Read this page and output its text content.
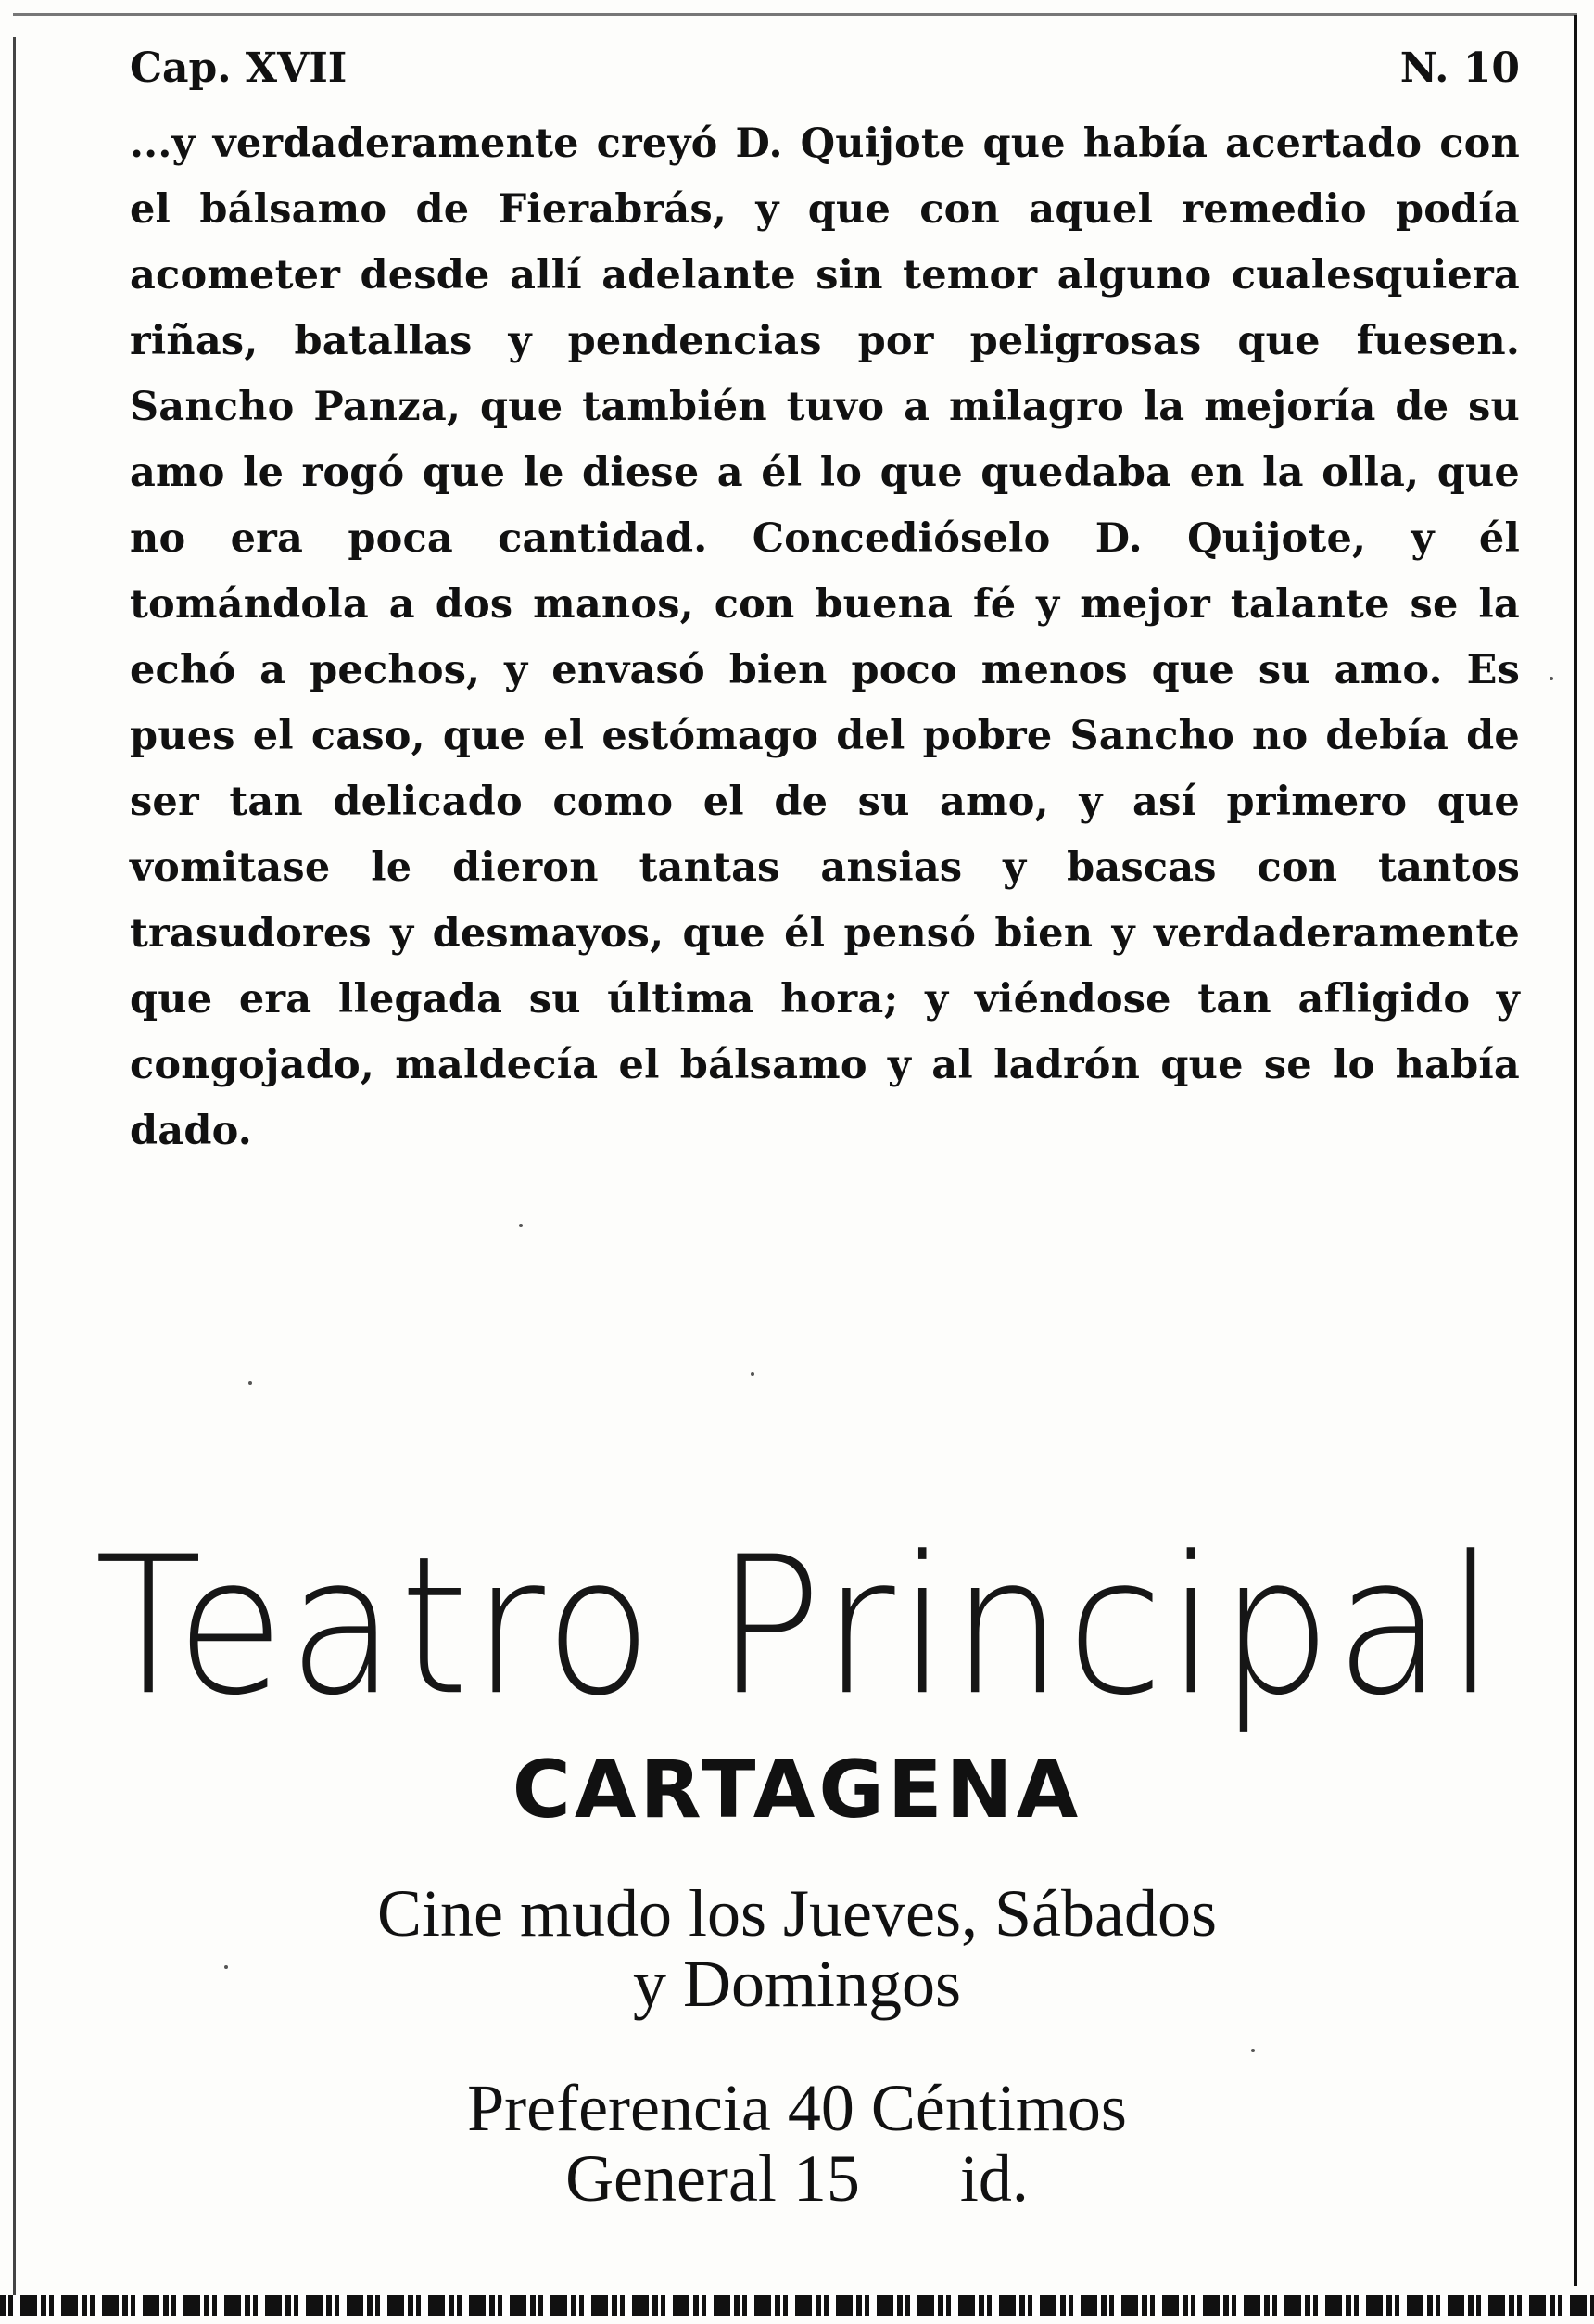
Cap. XVII	N. 10
...y verdaderamente creyó D. Quijote que había acertado con el bálsamo de Fierabrás, y que con aquel remedio podía acometer desde allí adelante sin temor alguno cualesquiera riñas, batallas y pendencias por peligrosas que fuesen. Sancho Panza, que también tuvo a milagro la mejoría de su amo le rogó que le diese a él lo que quedaba en la olla, que no era poca cantidad. Concedióselo D. Quijote, y él tomándola a dos manos, con buena fé y mejor talante se la echó a pechos, y envasó bien poco menos que su amo. Es pues el caso, que el estómago del pobre Sancho no debía de ser tan delicado como el de su amo, y así primero que vomitase le dieron tantas ansias y bascas con tantos trasudores y desmayos, que él pensó bien y verdaderamente que era llegada su última hora; y viéndose tan afligido y congojado, maldecía el bálsamo y al ladrón que se lo había dado.
Teatro Principal
CARTAGENA
Cine mudo los Jueves, Sábados
y Domingos
Preferencia 40 Céntimos
General 15      id.
